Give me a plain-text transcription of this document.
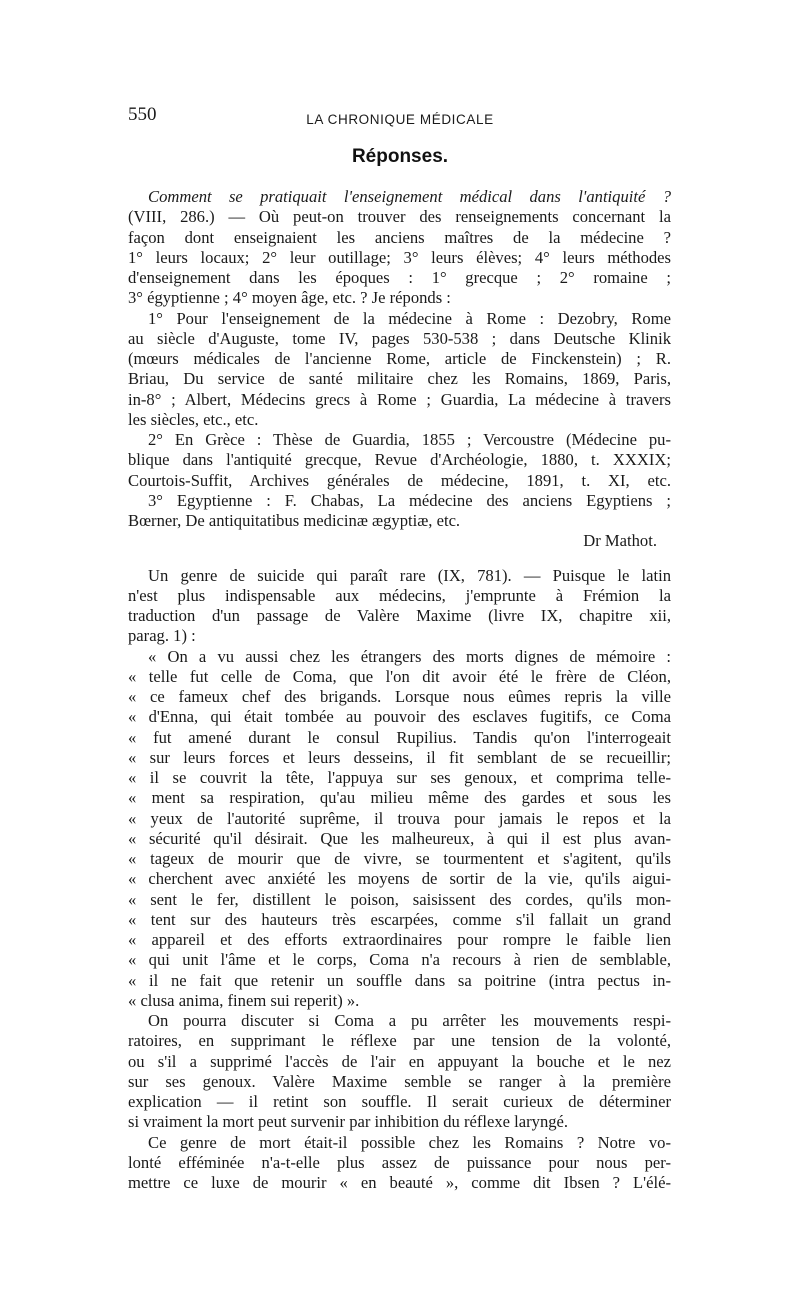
550	LA CHRONIQUE MÉDICALE
Réponses.
Comment se pratiquait l'enseignement médical dans l'antiquité ?
(VIII, 286.) — Où peut-on trouver des renseignements concernant la
façon dont enseignaient les anciens maîtres de la médecine ?
1° leurs locaux; 2° leur outillage; 3° leurs élèves; 4° leurs méthodes
d'enseignement dans les époques : 1° grecque ; 2° romaine ;
3° égyptienne ; 4° moyen âge, etc. ? Je réponds :
1° Pour l'enseignement de la médecine à Rome : Dezobry, Rome
au siècle d'Auguste, tome IV, pages 530-538 ; dans Deutsche Klinik
(mœurs médicales de l'ancienne Rome, article de Finckenstein) ; R.
Briau, Du service de santé militaire chez les Romains, 1869, Paris,
in-8° ; Albert, Médecins grecs à Rome ; Guardia, La médecine à travers
les siècles, etc., etc.
2° En Grèce : Thèse de Guardia, 1855 ; Vercoustre (Médecine pu-
blique dans l'antiquité grecque, Revue d'Archéologie, 1880, t. XXXIX;
Courtois-Suffit, Archives générales de médecine, 1891, t. XI, etc.
3° Egyptienne : F. Chabas, La médecine des anciens Egyptiens ;
Bœrner, De antiquitatibus medicinæ ægyptiæ, etc.
Dr Mathot.
Un genre de suicide qui paraît rare (IX, 781). — Puisque le latin
n'est plus indispensable aux médecins, j'emprunte à Frémion la
traduction d'un passage de Valère Maxime (livre IX, chapitre xii,
parag. 1) :
« On a vu aussi chez les étrangers des morts dignes de mémoire :
« telle fut celle de Coma, que l'on dit avoir été le frère de Cléon,
« ce fameux chef des brigands. Lorsque nous eûmes repris la ville
« d'Enna, qui était tombée au pouvoir des esclaves fugitifs, ce Coma
« fut amené durant le consul Rupilius. Tandis qu'on l'interrogeait
« sur leurs forces et leurs desseins, il fit semblant de se recueillir;
« il se couvrit la tête, l'appuya sur ses genoux, et comprima telle-
« ment sa respiration, qu'au milieu même des gardes et sous les
« yeux de l'autorité suprême, il trouva pour jamais le repos et la
« sécurité qu'il désirait. Que les malheureux, à qui il est plus avan-
« tageux de mourir que de vivre, se tourmentent et s'agitent, qu'ils
« cherchent avec anxiété les moyens de sortir de la vie, qu'ils aigui-
« sent le fer, distillent le poison, saisissent des cordes, qu'ils mon-
« tent sur des hauteurs très escarpées, comme s'il fallait un grand
« appareil et des efforts extraordinaires pour rompre le faible lien
« qui unit l'âme et le corps, Coma n'a recours à rien de semblable,
« il ne fait que retenir un souffle dans sa poitrine (intra pectus in-
« clusa anima, finem sui reperit) ».
On pourra discuter si Coma a pu arrêter les mouvements respi-
ratoires, en supprimant le réflexe par une tension de la volonté,
ou s'il a supprimé l'accès de l'air en appuyant la bouche et le nez
sur ses genoux. Valère Maxime semble se ranger à la première
explication — il retint son souffle. Il serait curieux de déterminer
si vraiment la mort peut survenir par inhibition du réflexe laryngé.
Ce genre de mort était-il possible chez les Romains ? Notre vo-
lonté efféminée n'a-t-elle plus assez de puissance pour nous per-
mettre ce luxe de mourir « en beauté », comme dit Ibsen ? L'élé-
